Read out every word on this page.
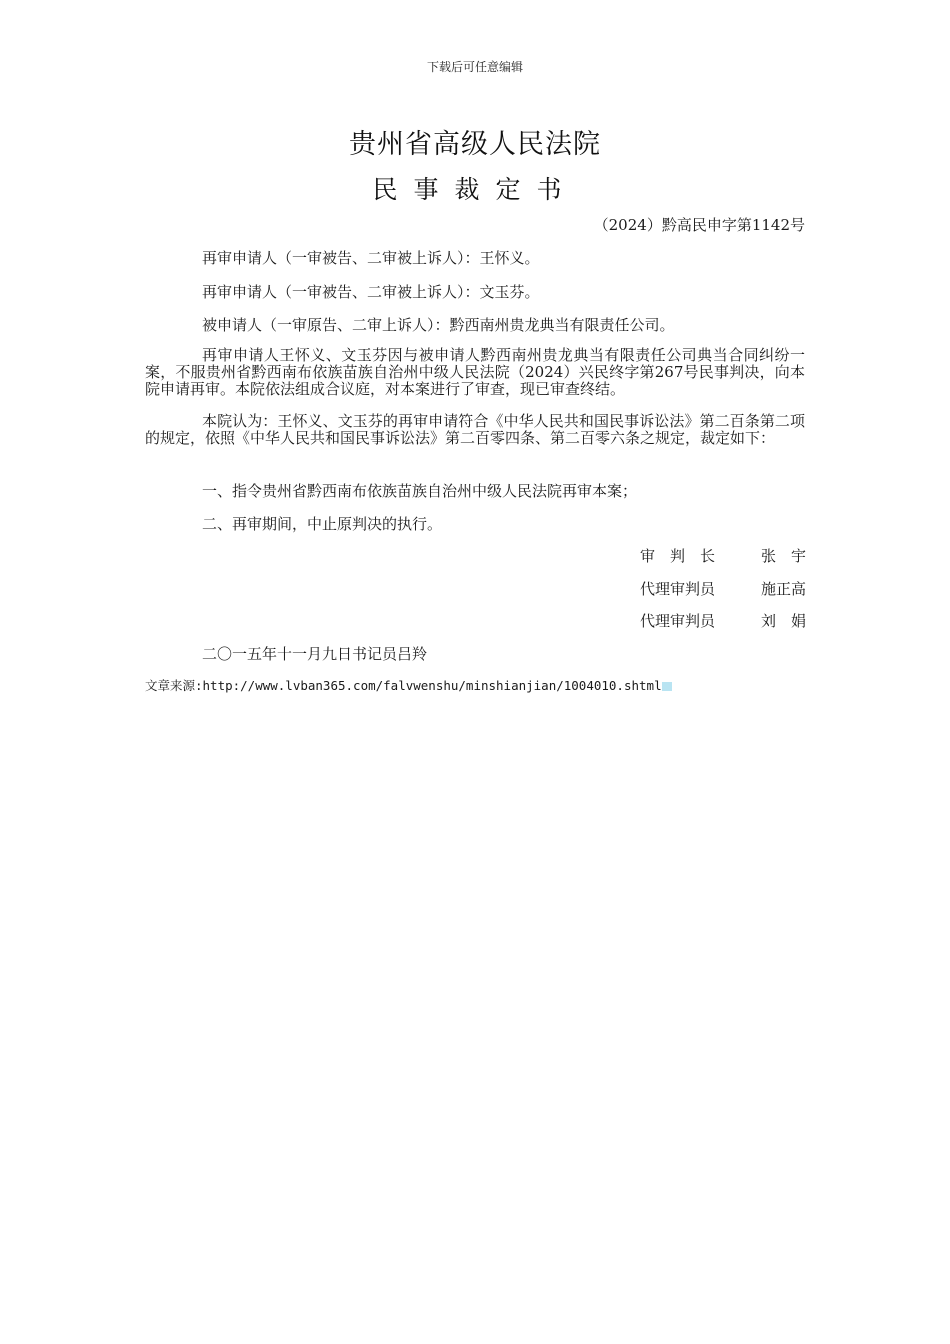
下载后可任意编辑
贵州省高级人民法院
民事裁定书
（2024）黔高民申字第1142号
再审申请人（一审被告、二审被上诉人）：王怀义。
再审申请人（一审被告、二审被上诉人）：文玉芬。
被申请人（一审原告、二审上诉人）：黔西南州贵龙典当有限责任公司。
再审申请人王怀义、文玉芬因与被申请人黔西南州贵龙典当有限责任公司典当合同纠纷一案，不服贵州省黔西南布依族苗族自治州中级人民法院（2024）兴民终字第267号民事判决，向本院申请再审。本院依法组成合议庭，对本案进行了审查，现已审查终结。
本院认为：王怀义、文玉芬的再审申请符合《中华人民共和国民事诉讼法》第二百条第二项的规定，依照《中华人民共和国民事诉讼法》第二百零四条、第二百零六条之规定，裁定如下：
一、指令贵州省黔西南布依族苗族自治州中级人民法院再审本案；
二、再审期间，中止原判决的执行。
审　判　长	张　宇
代理审判员	施正高
代理审判员	刘　娟
二〇一五年十一月九日书记员吕羚
文章来源:http://www.lvban365.com/falvwenshu/minshianjian/1004010.shtml
